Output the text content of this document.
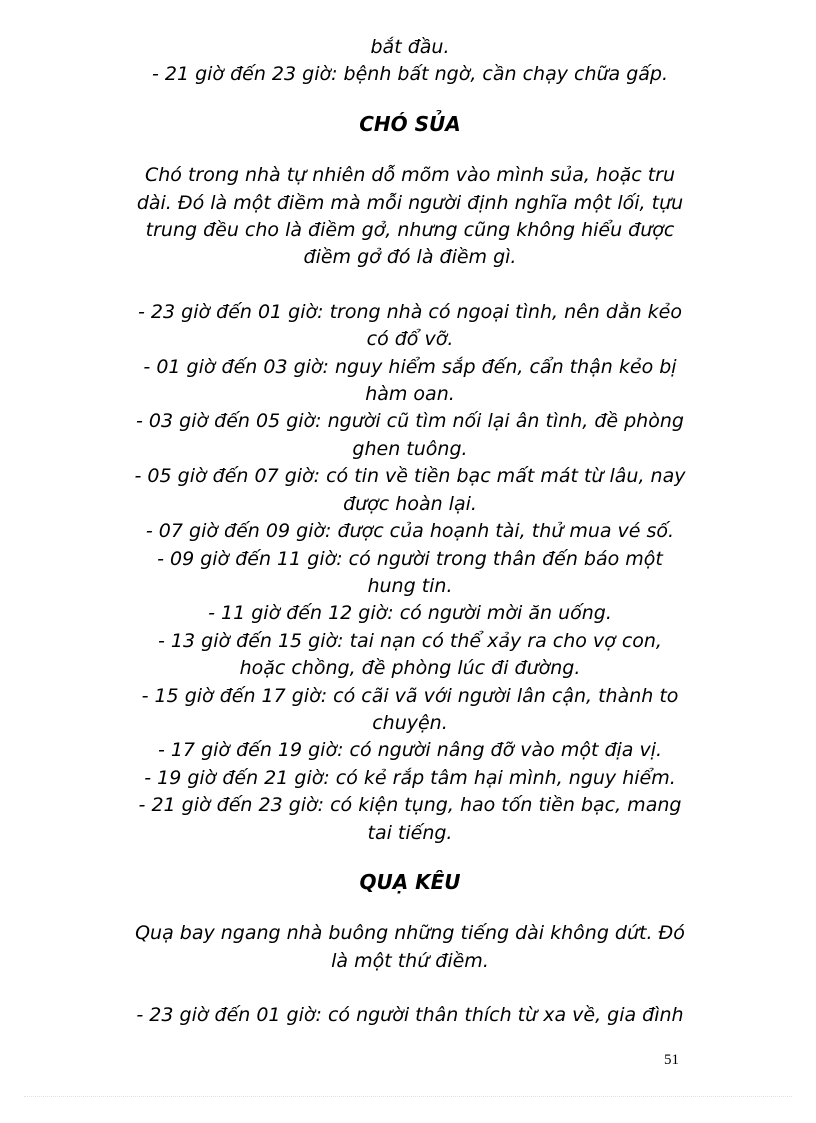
bắt đầu.
- 21 giờ đến 23 giờ: bệnh bất ngờ, cần chạy chữa gấp.
CHÓ SỦA
Chó trong nhà tự nhiên dỗ mõm vào mình sủa, hoặc tru
dài. Đó là một điềm mà mỗi người định nghĩa một lối, tựu
trung đều cho là điềm gở, nhưng cũng không hiểu được
điềm gở đó là điềm gì.
- 23 giờ đến 01 giờ: trong nhà có ngoại tình, nên dằn kẻo
có đổ vỡ.
- 01 giờ đến 03 giờ: nguy hiểm sắp đến, cẩn thận kẻo bị
hàm oan.
- 03 giờ đến 05 giờ: người cũ tìm nối lại ân tình, đề phòng
ghen tuông.
- 05 giờ đến 07 giờ: có tin về tiền bạc mất mát từ lâu, nay
được hoàn lại.
- 07 giờ đến 09 giờ: được của hoạnh tài, thử mua vé số.
- 09 giờ đến 11 giờ: có người trong thân đến báo một
hung tin.
- 11 giờ đến 12 giờ: có người mời ăn uống.
- 13 giờ đến 15 giờ: tai nạn có thể xảy ra cho vợ con,
hoặc chồng, đề phòng lúc đi đường.
- 15 giờ đến 17 giờ: có cãi vã với người lân cận, thành to
chuyện.
- 17 giờ đến 19 giờ: có người nâng đỡ vào một địa vị.
- 19 giờ đến 21 giờ: có kẻ rắp tâm hại mình, nguy hiểm.
- 21 giờ đến 23 giờ: có kiện tụng, hao tốn tiền bạc, mang
tai tiếng.
QUẠ KÊU
Quạ bay ngang nhà buông những tiếng dài không dứt. Đó
là một thứ điềm.
- 23 giờ đến 01 giờ: có người thân thích từ xa về, gia đình
51
